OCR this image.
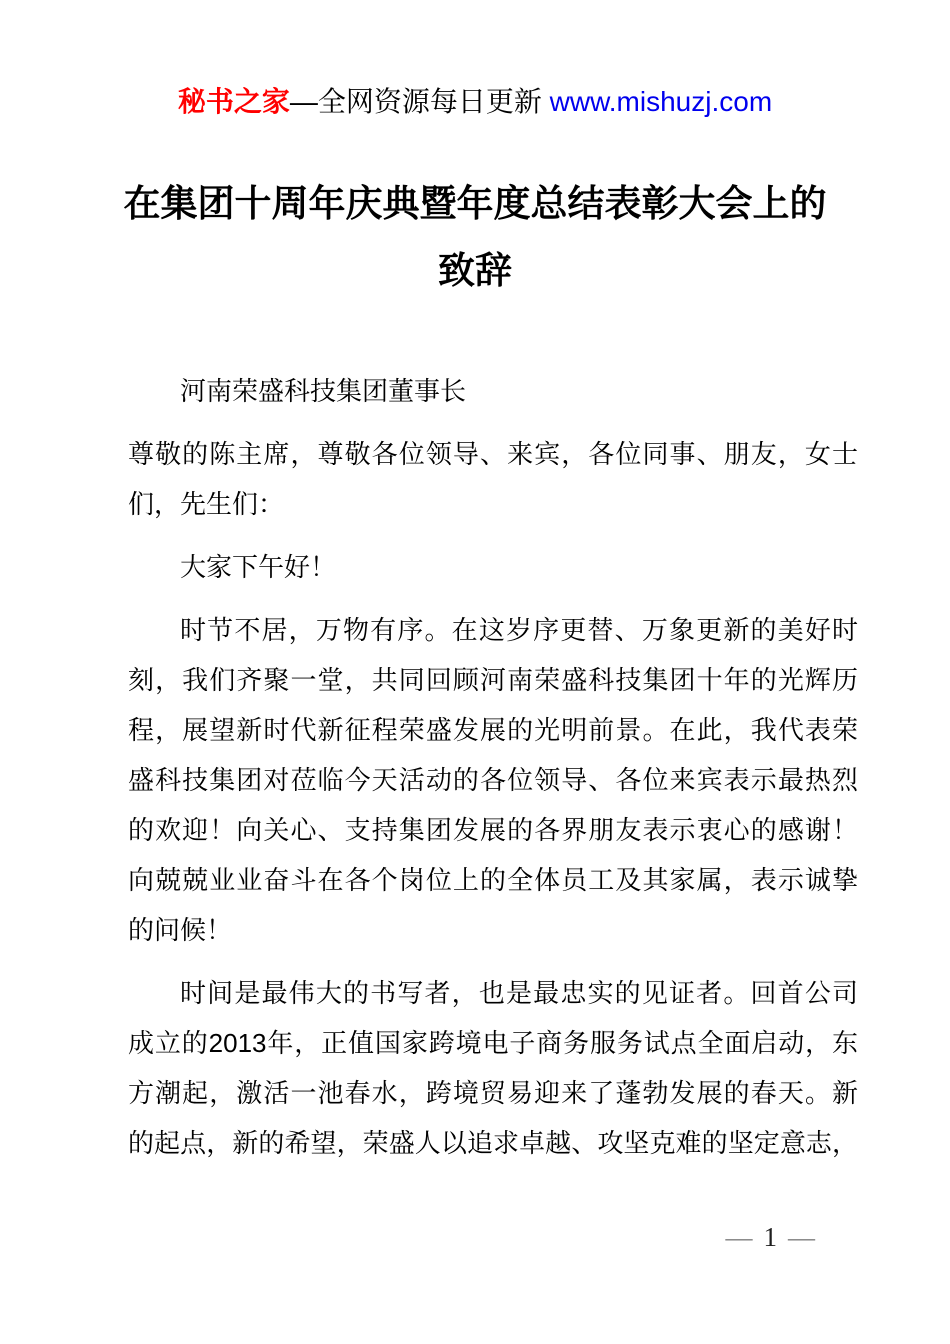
秘书之家—全网资源每日更新 www.mishuzj.com
在集团十周年庆典暨年度总结表彰大会上的
致辞
河南荣盛科技集团董事长
尊敬的陈主席，尊敬各位领导、来宾，各位同事、朋友，女士
们，先生们：
大家下午好！
时节不居，万物有序。在这岁序更替、万象更新的美好时
刻，我们齐聚一堂，共同回顾河南荣盛科技集团十年的光辉历
程，展望新时代新征程荣盛发展的光明前景。在此，我代表荣
盛科技集团对莅临今天活动的各位领导、各位来宾表示最热烈
的欢迎！向关心、支持集团发展的各界朋友表示衷心的感谢！
向兢兢业业奋斗在各个岗位上的全体员工及其家属，表示诚挚
的问候！
时间是最伟大的书写者，也是最忠实的见证者。回首公司
成立的2013年，正值国家跨境电子商务服务试点全面启动，东
方潮起，激活一池春水，跨境贸易迎来了蓬勃发展的春天。新
的起点，新的希望，荣盛人以追求卓越、攻坚克难的坚定意志，
— 1 —
